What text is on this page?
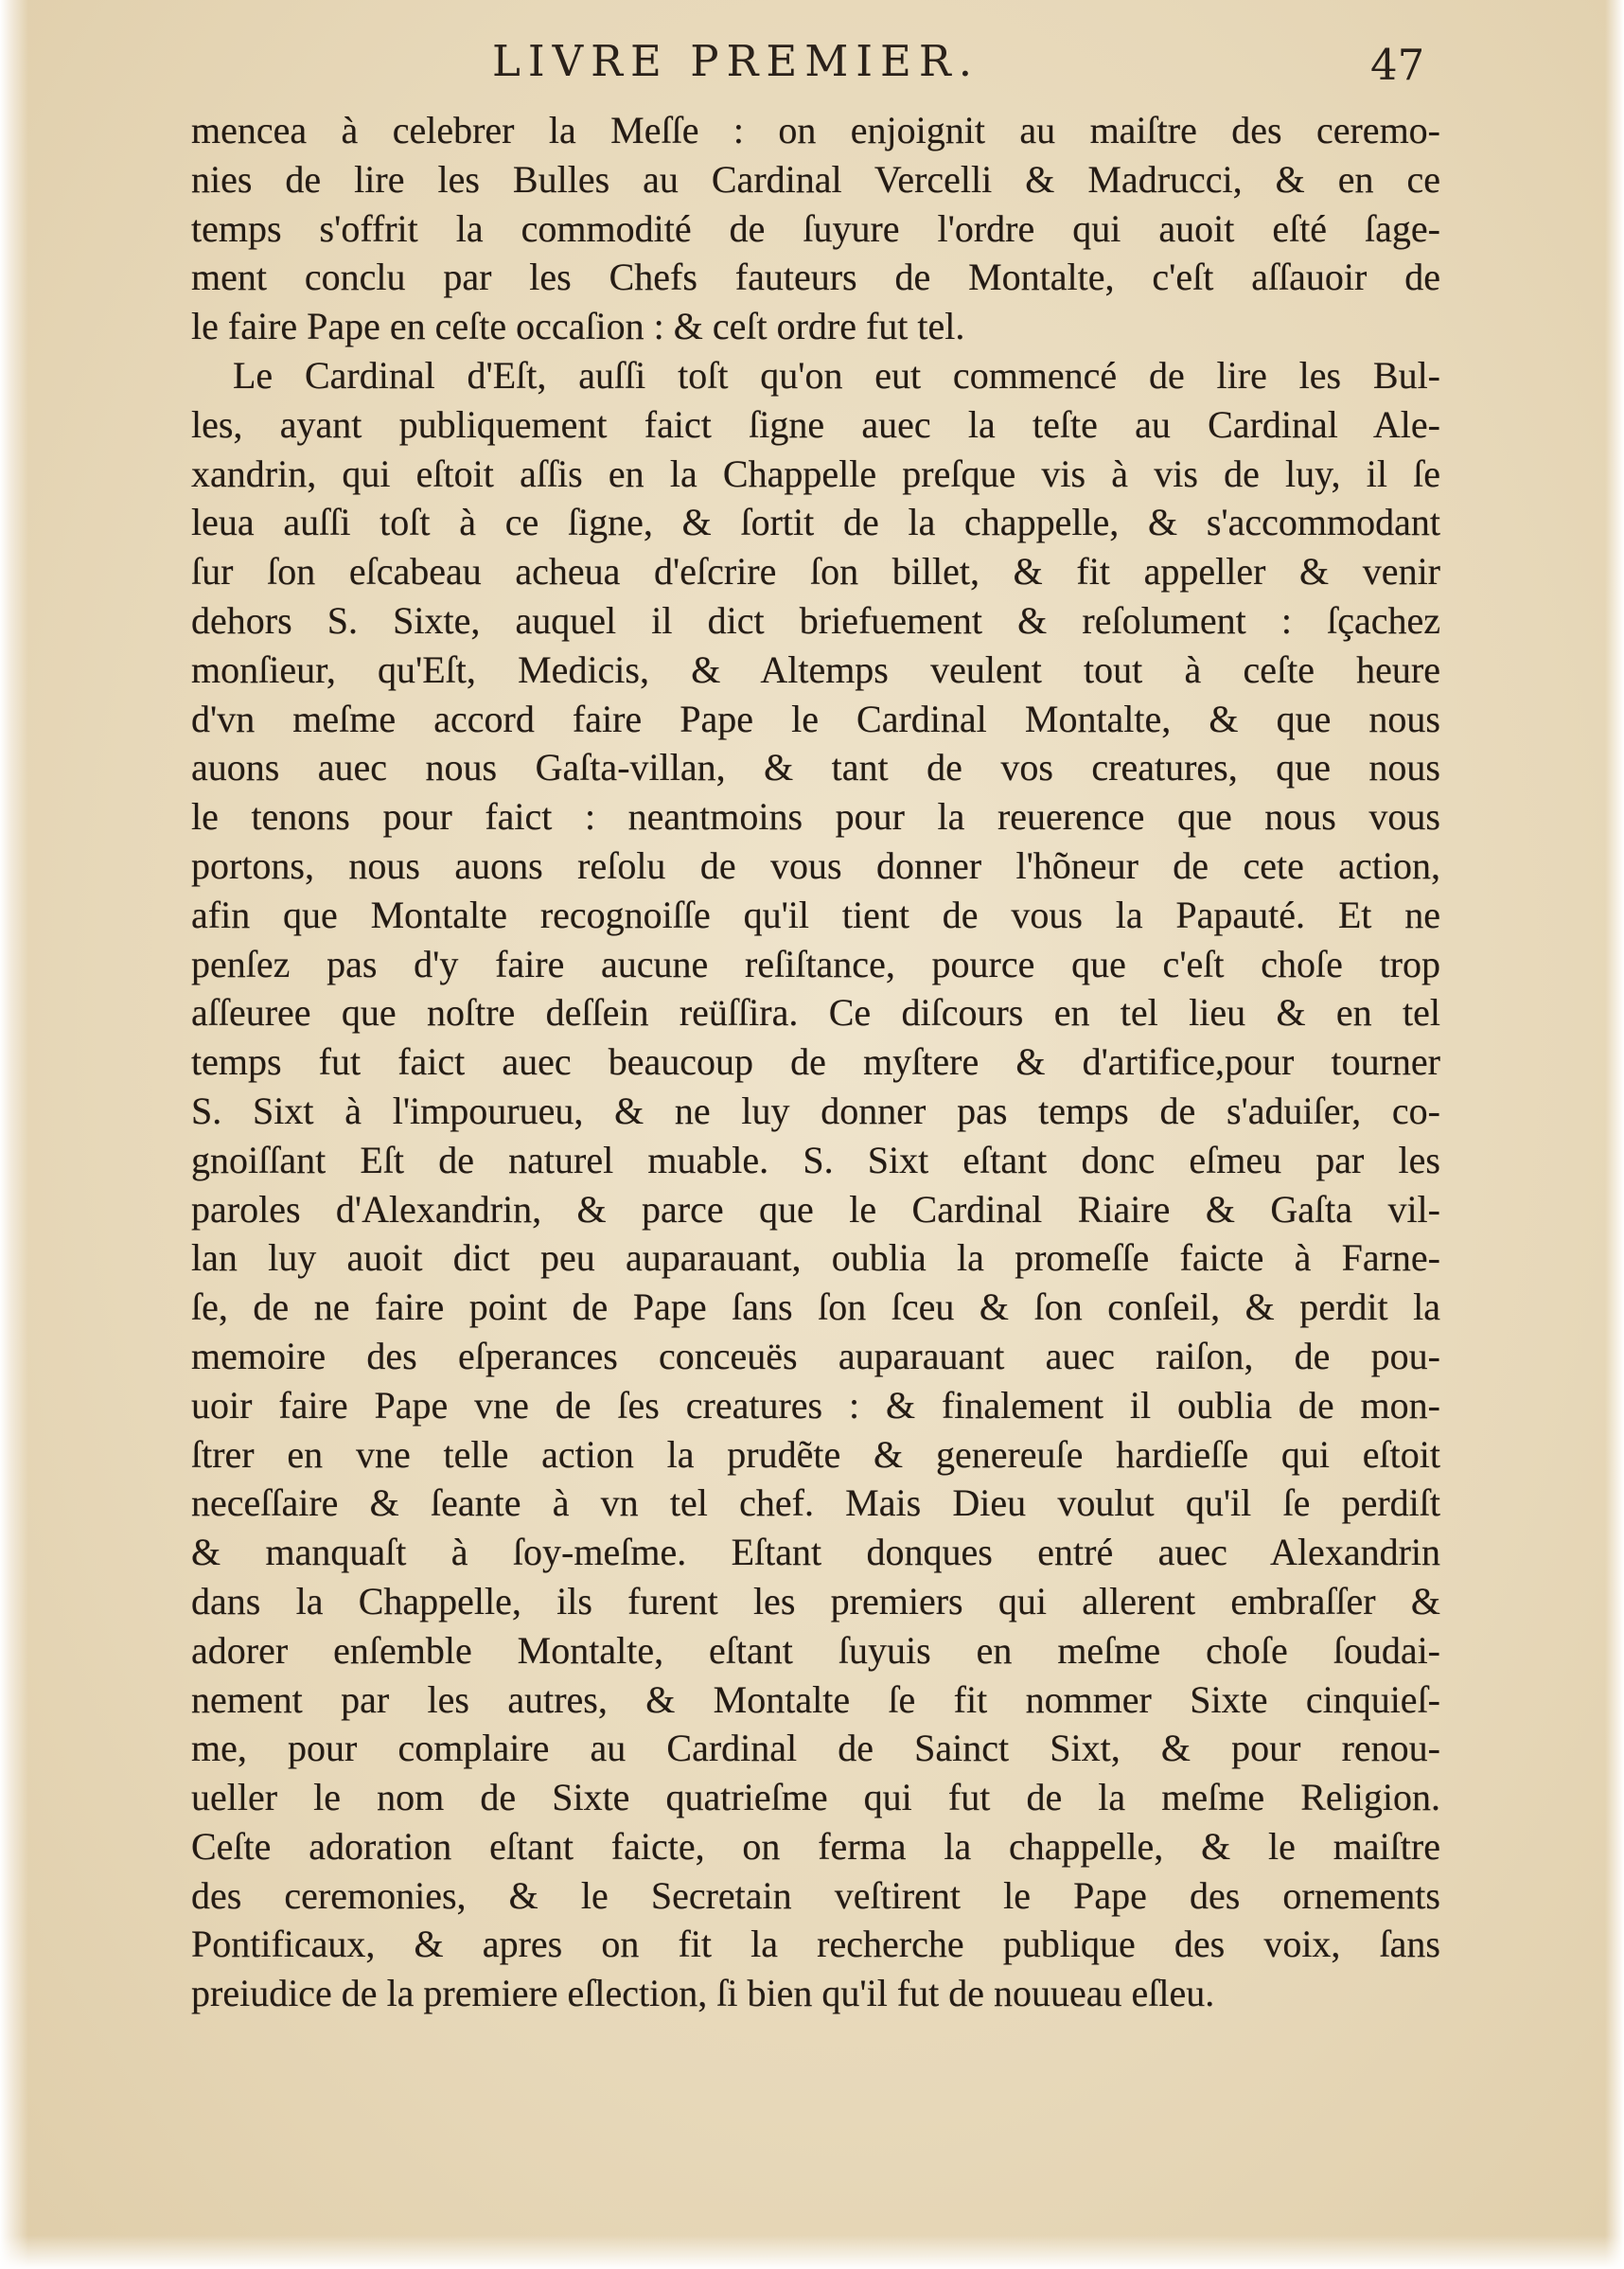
LIVRE PREMIER.	47
mencea à celebrer la Meſſe : on enjoignit au maiſtre des ceremo-
nies de lire les Bulles au Cardinal Vercelli & Madrucci, & en ce
temps s'offrit la commodité de ſuyure l'ordre qui auoit eſté ſage-
ment conclu par les Chefs fauteurs de Montalte, c'eſt aſſauoir de
le faire Pape en ceſte occaſion : & ceſt ordre fut tel.
Le Cardinal d'Eſt, auſſi toſt qu'on eut commencé de lire les Bul-
les, ayant publiquement faict ſigne auec la teſte au Cardinal Ale-
xandrin, qui eſtoit aſſis en la Chappelle preſque vis à vis de luy, il ſe
leua auſſi toſt à ce ſigne, & ſortit de la chappelle, & s'accommodant
ſur ſon eſcabeau acheua d'eſcrire ſon billet, & fit appeller & venir
dehors S. Sixte, auquel il dict briefuement & reſolument : ſçachez
monſieur, qu'Eſt, Medicis, & Altemps veulent tout à ceſte heure
d'vn meſme accord faire Pape le Cardinal Montalte, & que nous
auons auec nous Gaſta-villan, & tant de vos creatures, que nous
le tenons pour faict : neantmoins pour la reuerence que nous vous
portons, nous auons reſolu de vous donner l'hõneur de cete action,
afin que Montalte recognoiſſe qu'il tient de vous la Papauté. Et ne
penſez pas d'y faire aucune reſiſtance, pource que c'eſt choſe trop
aſſeuree que noſtre deſſein reüſſira. Ce diſcours en tel lieu & en tel
temps fut faict auec beaucoup de myſtere & d'artifice,pour tourner
S. Sixt à l'impourueu, & ne luy donner pas temps de s'aduiſer, co-
gnoiſſant Eſt de naturel muable. S. Sixt eſtant donc eſmeu par les
paroles d'Alexandrin, & parce que le Cardinal Riaire & Gaſta vil-
lan luy auoit dict peu auparauant, oublia la promeſſe faicte à Farne-
ſe, de ne faire point de Pape ſans ſon ſceu & ſon conſeil, & perdit la
memoire des eſperances conceuës auparauant auec raiſon, de pou-
uoir faire Pape vne de ſes creatures : & finalement il oublia de mon-
ſtrer en vne telle action la prudẽte & genereuſe hardieſſe qui eſtoit
neceſſaire & ſeante à vn tel chef. Mais Dieu voulut qu'il ſe perdiſt
& manquaſt à ſoy-meſme. Eſtant donques entré auec Alexandrin
dans la Chappelle, ils furent les premiers qui allerent embraſſer &
adorer enſemble Montalte, eſtant ſuyuis en meſme choſe ſoudai-
nement par les autres, & Montalte ſe fit nommer Sixte cinquieſ-
me, pour complaire au Cardinal de Sainct Sixt, & pour renou-
ueller le nom de Sixte quatrieſme qui fut de la meſme Religion.
Ceſte adoration eſtant faicte, on ferma la chappelle, & le maiſtre
des ceremonies, & le Secretain veſtirent le Pape des ornements
Pontificaux, & apres on fit la recherche publique des voix, ſans
preiudice de la premiere eſlection, ſi bien qu'il fut de nouueau eſleu.
